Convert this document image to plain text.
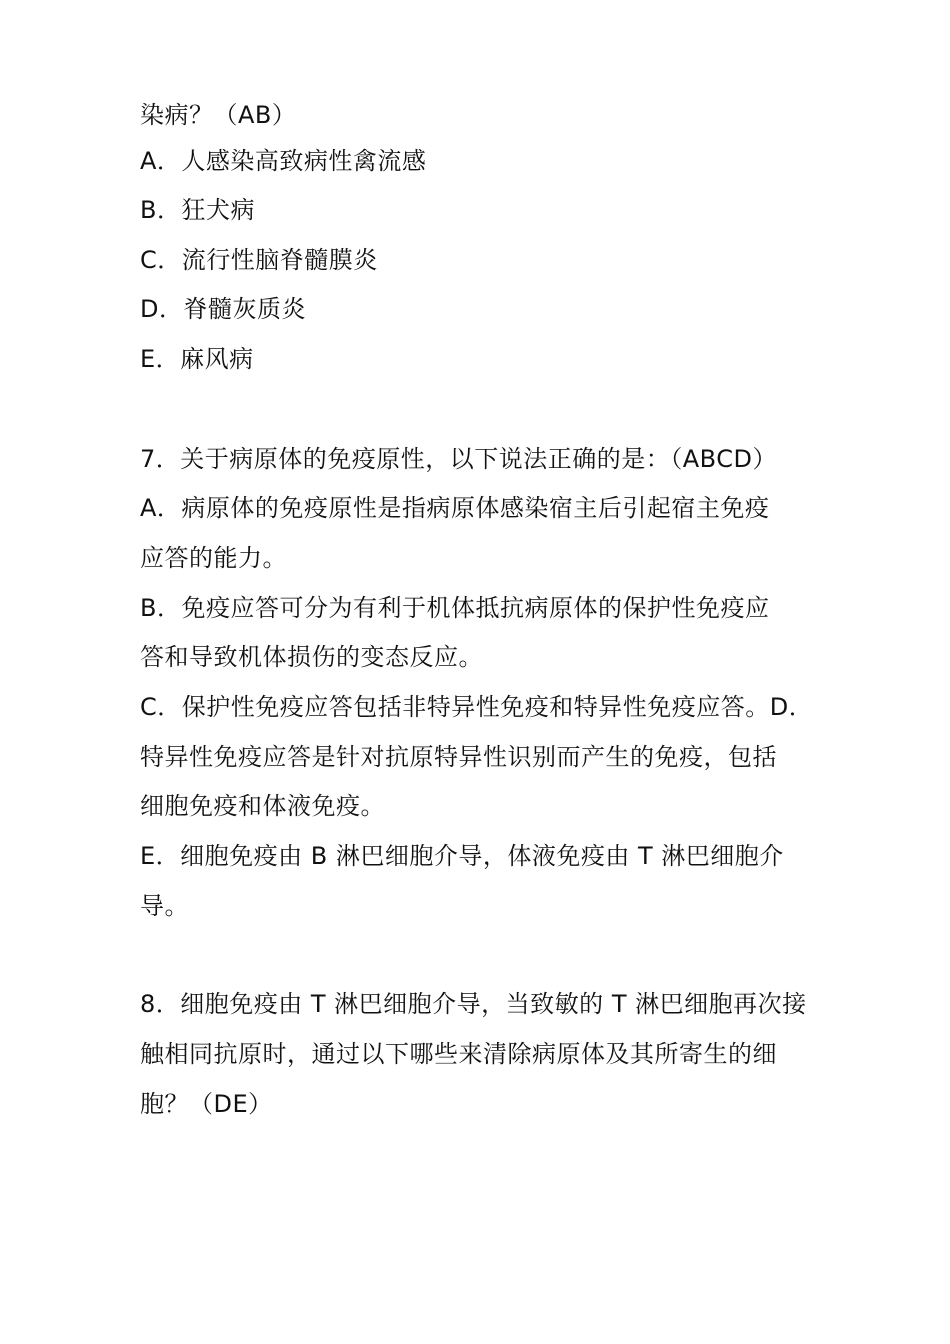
染病？（AB）

A．人感染高致病性禽流感

B．狂犬病

C．流行性脑脊髓膜炎

D．脊髓灰质炎

E．麻风病

7．关于病原体的免疫原性，以下说法正确的是：（ABCD）

A．病原体的免疫原性是指病原体感染宿主后引起宿主免疫

应答的能力。

B．免疫应答可分为有利于机体抵抗病原体的保护性免疫应

答和导致机体损伤的变态反应。

C．保护性免疫应答包括非特异性免疫和特异性免疫应答。D．

特异性免疫应答是针对抗原特异性识别而产生的免疫，包括

细胞免疫和体液免疫。

E．细胞免疫由 B 淋巴细胞介导，体液免疫由 T 淋巴细胞介

导。

8．细胞免疫由 T 淋巴细胞介导，当致敏的 T 淋巴细胞再次接

触相同抗原时，通过以下哪些来清除病原体及其所寄生的细

胞？（DE）
